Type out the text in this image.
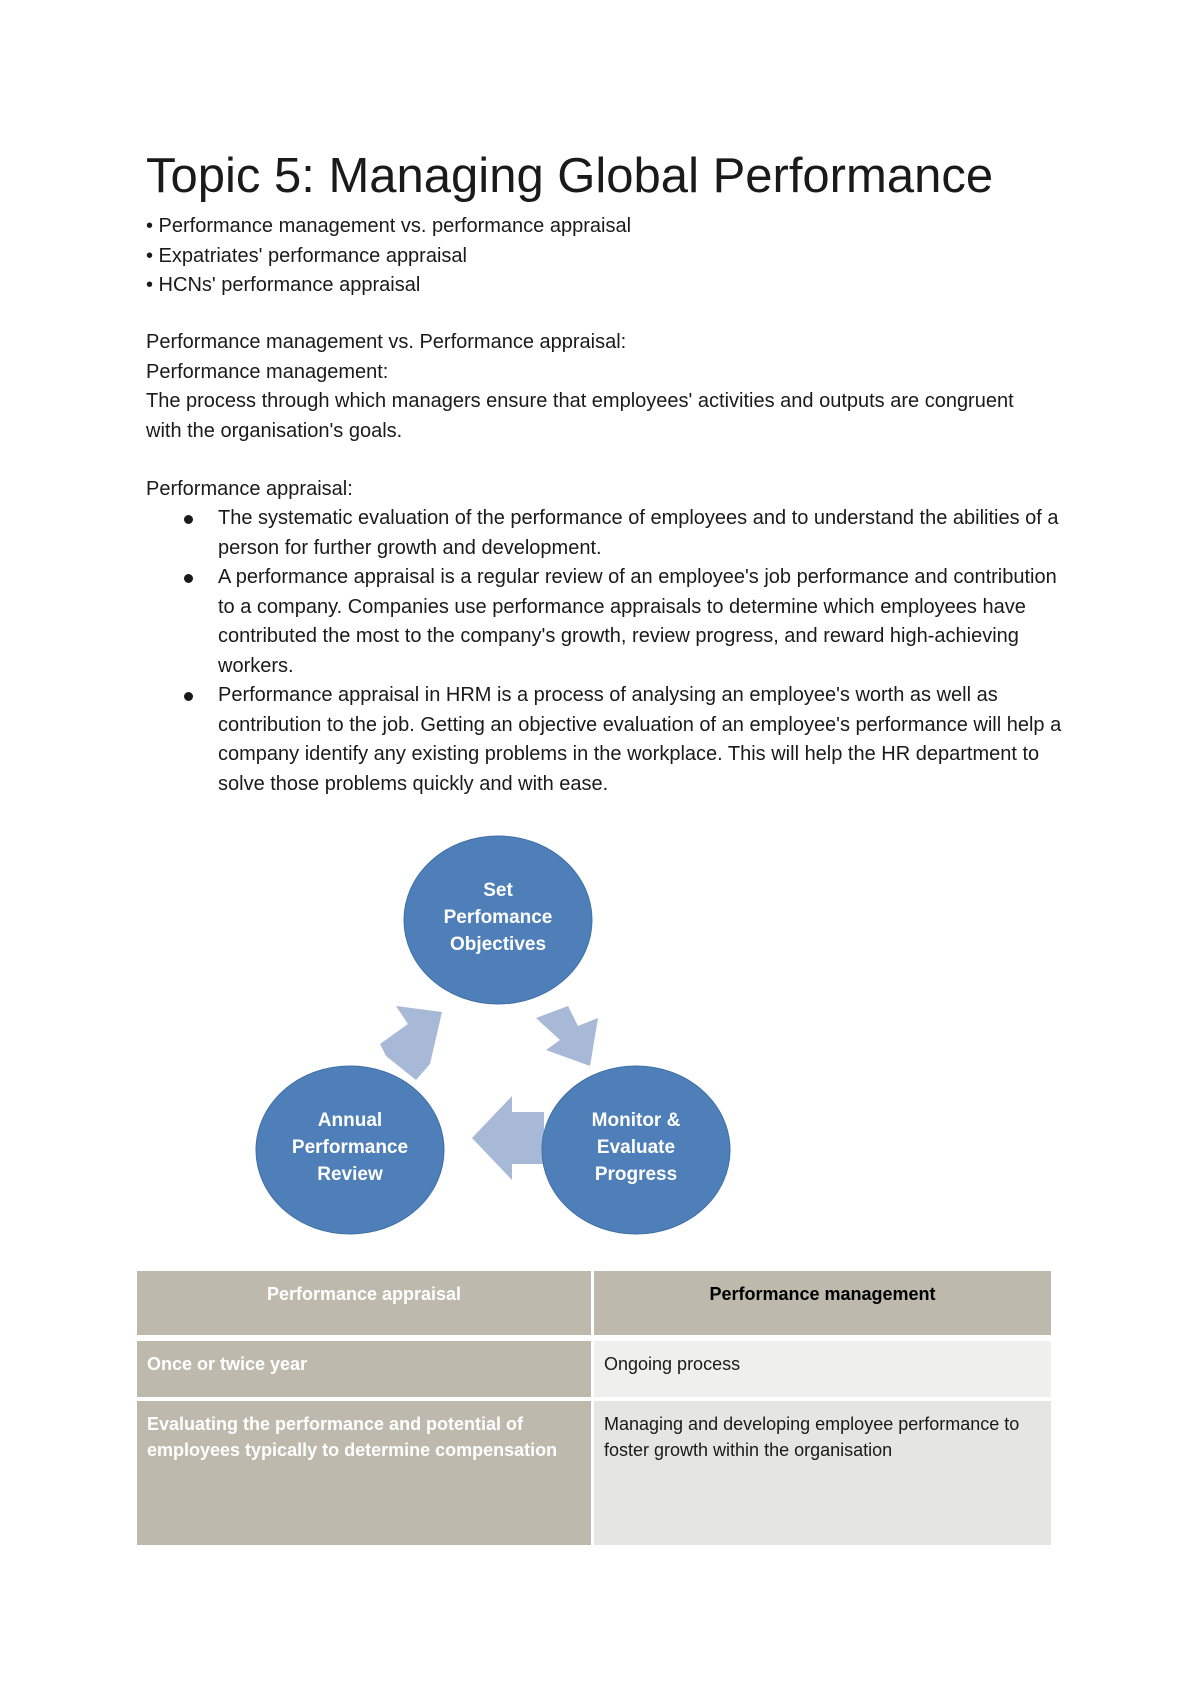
Topic 5: Managing Global Performance
• Performance management vs. performance appraisal
• Expatriates' performance appraisal
• HCNs' performance appraisal

Performance management vs. Performance appraisal:

Performance management:

The process through which managers ensure that employees' activities and outputs are congruent with the organisation's goals.

Performance appraisal:

The systematic evaluation of the performance of employees and to understand the abilities of a person for further growth and development.
A performance appraisal is a regular review of an employee's job performance and contribution to a company. Companies use performance appraisals to determine which employees have contributed the most to the company's growth, review progress, and reward high-achieving workers.
Performance appraisal in HRM is a process of analysing an employee's worth as well as contribution to the job. Getting an objective evaluation of an employee's performance will help a company identify any existing problems in the workplace. This will help the HR department to solve those problems quickly and with ease.
Set
Perfomance
Objectives
Monitor &
Evaluate
Progress
Annual
Performance
Review
Performance appraisal	Performance management
Once or twice year	Ongoing process
Evaluating the performance and potential of employees typically to determine compensation	Managing and developing employee performance to foster growth within the organisation
